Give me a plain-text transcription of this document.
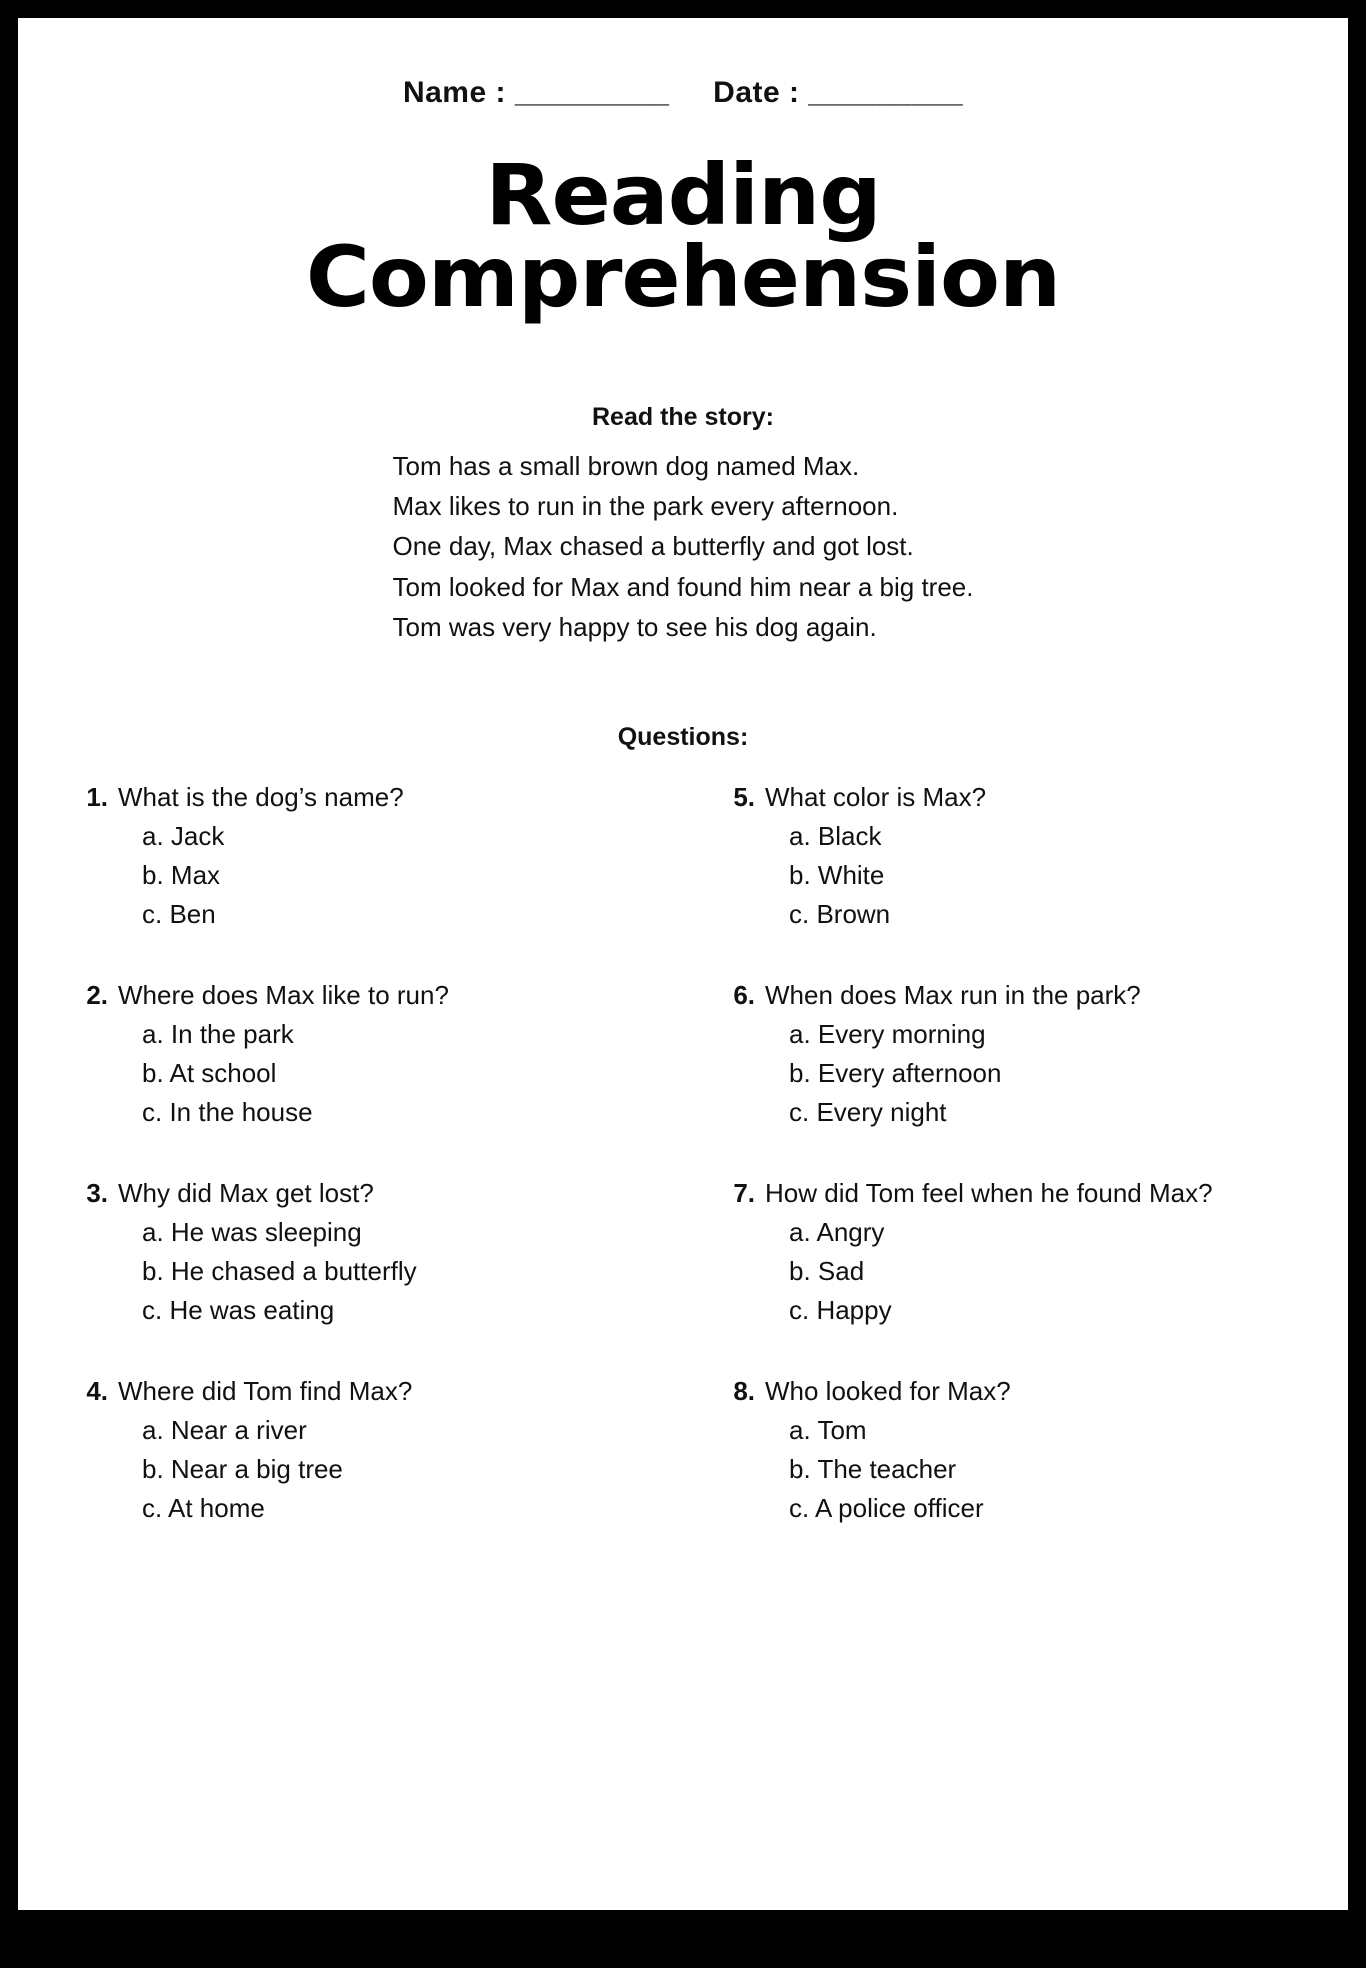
Name : _________ Date : _________
Reading
Comprehension
Read the story:
Tom has a small brown dog named Max.
Max likes to run in the park every afternoon.
One day, Max chased a butterfly and got lost.
Tom looked for Max and found him near a big tree.
Tom was very happy to see his dog again.
Questions:
1. What is the dog’s name?
a. Jack
b. Max
c. Ben
2. Where does Max like to run?
a. In the park
b. At school
c. In the house
3. Why did Max get lost?
a. He was sleeping
b. He chased a butterfly
c. He was eating
4. Where did Tom find Max?
a. Near a river
b. Near a big tree
c. At home
5. What color is Max?
a. Black
b. White
c. Brown
6. When does Max run in the park?
a. Every morning
b. Every afternoon
c. Every night
7. How did Tom feel when he found Max?
a. Angry
b. Sad
c. Happy
8. Who looked for Max?
a. Tom
b. The teacher
c. A police officer
